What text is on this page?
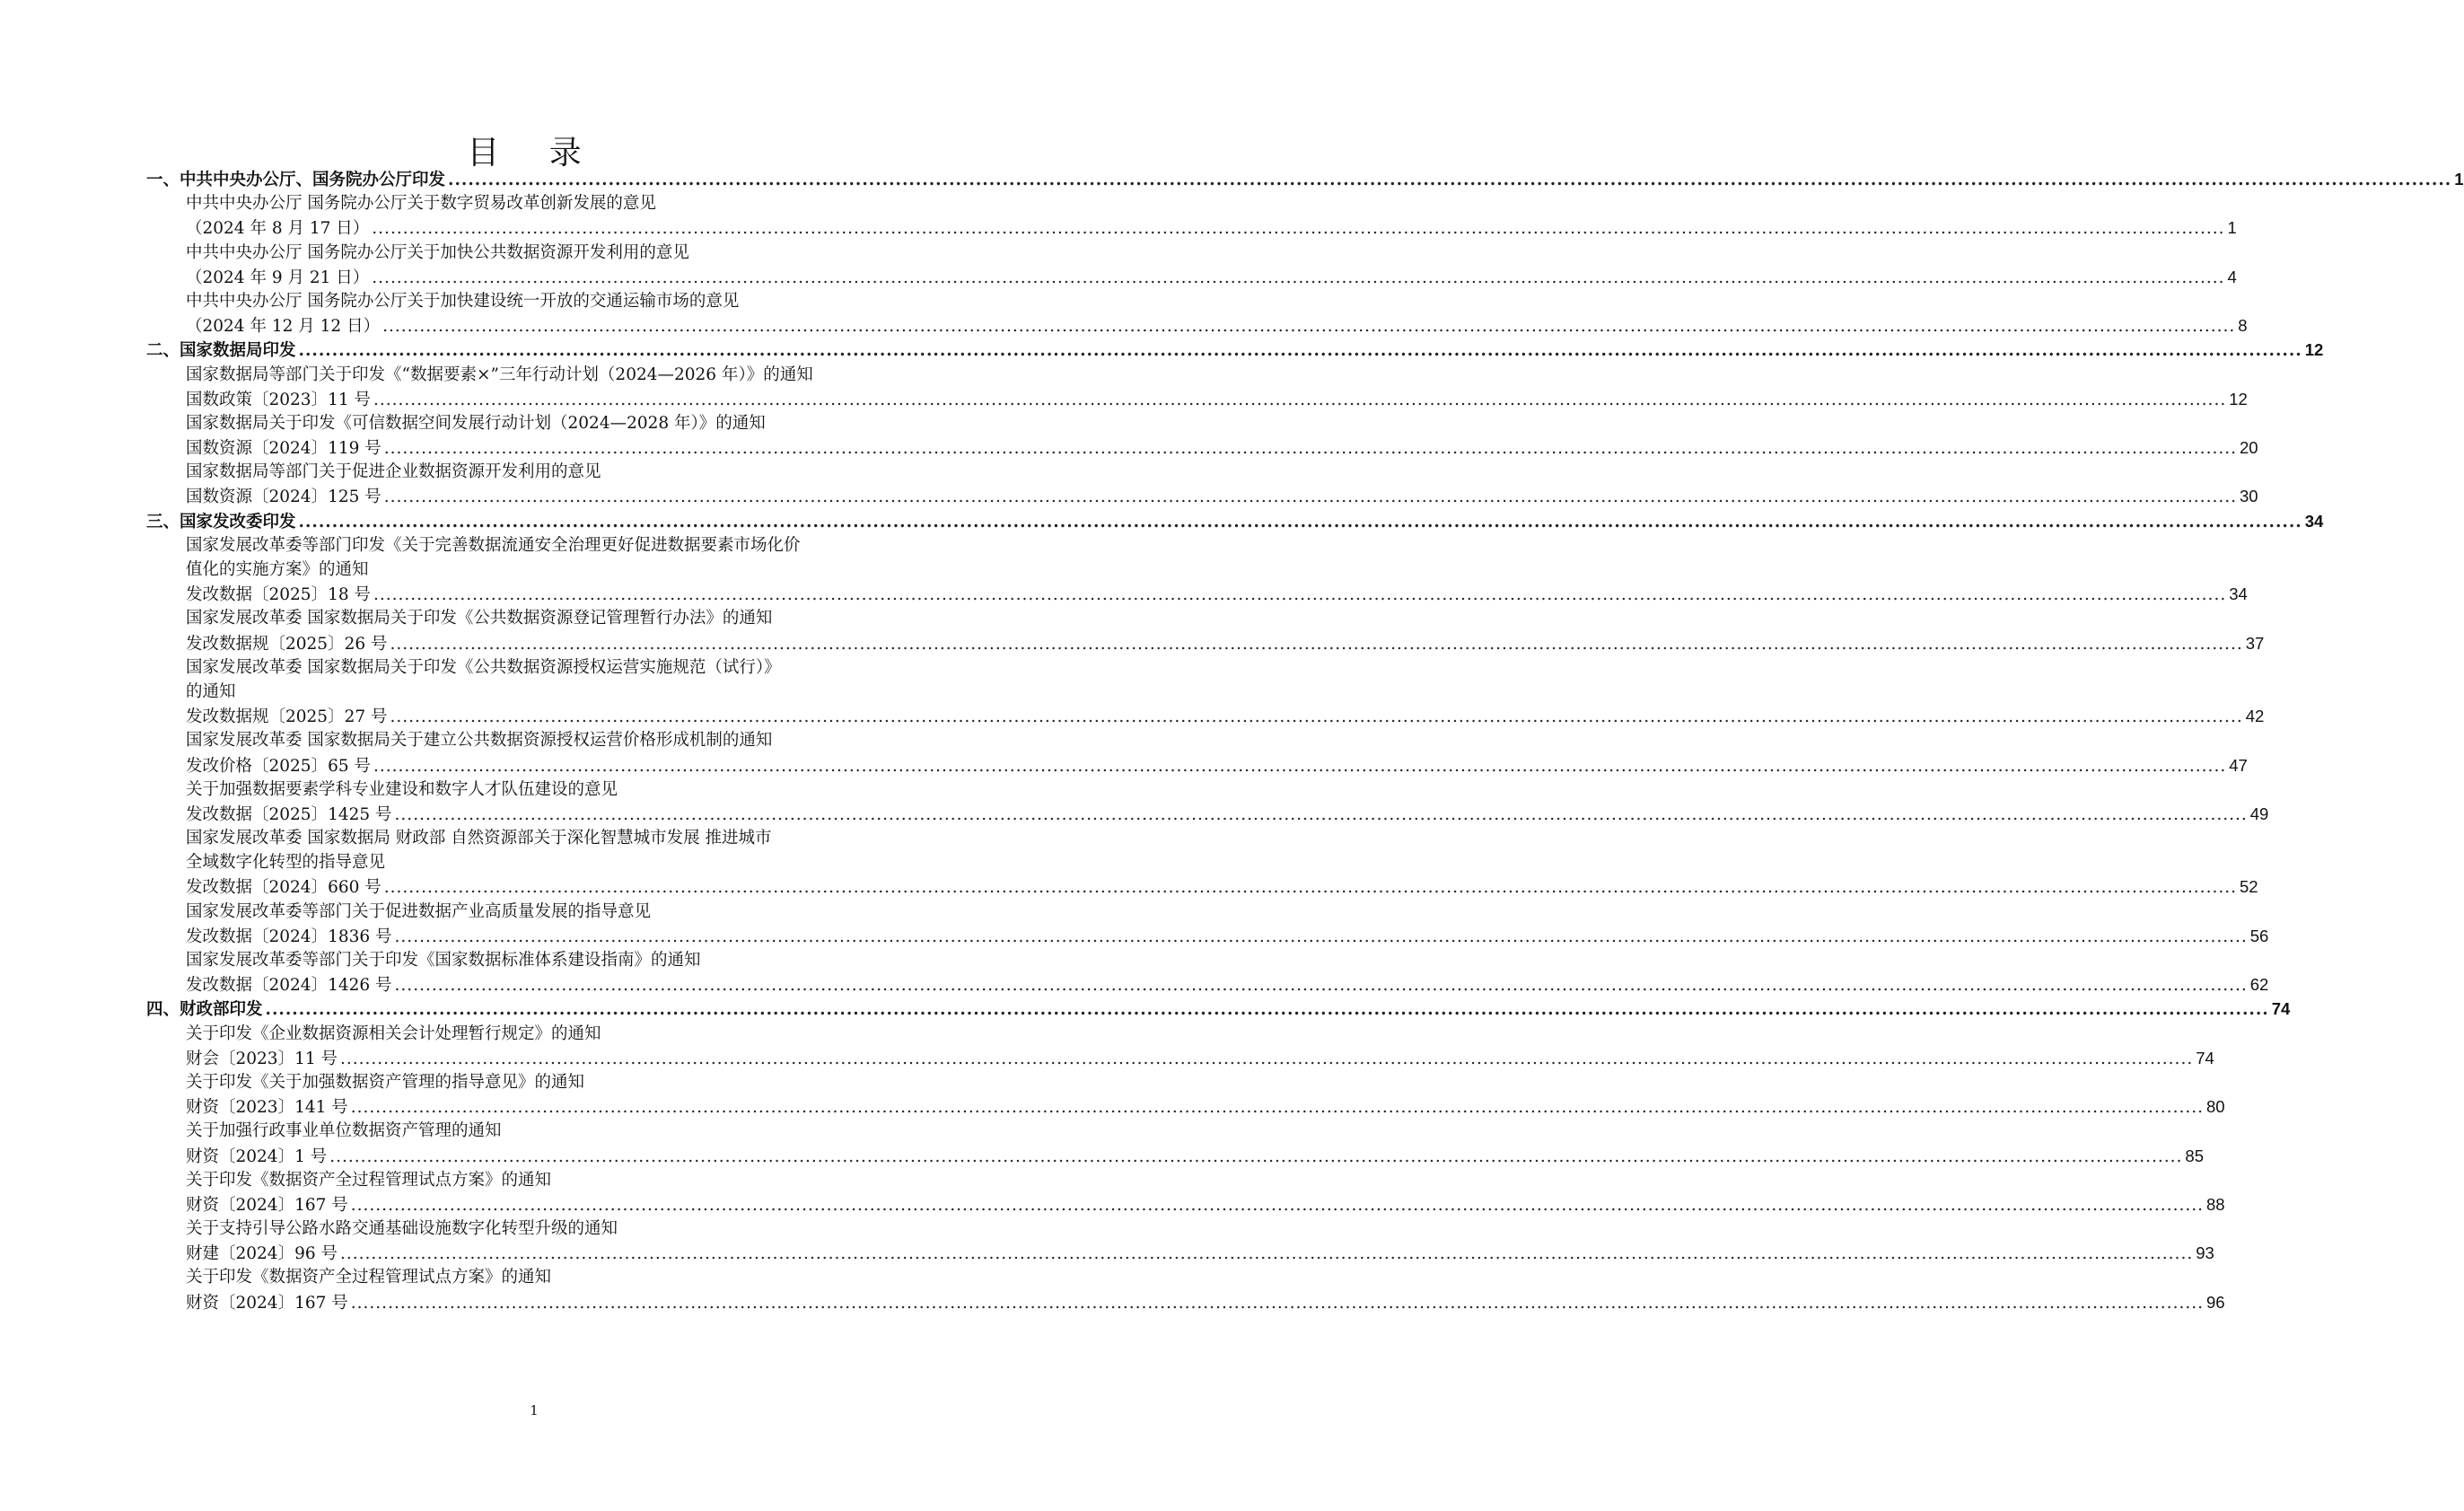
目 录
一、中共中央办公厅、国务院办公厅印发 ............................................................................................................................................................................................................................................................................................................ 1
中共中央办公厅 国务院办公厅关于数字贸易改革创新发展的意见
（2024 年 8 月 17 日） ............................................................................................................................................................................................................................................................................................................ 1
中共中央办公厅 国务院办公厅关于加快公共数据资源开发利用的意见
（2024 年 9 月 21 日） ............................................................................................................................................................................................................................................................................................................ 4
中共中央办公厅 国务院办公厅关于加快建设统一开放的交通运输市场的意见
（2024 年 12 月 12 日） ............................................................................................................................................................................................................................................................................................................ 8
二、国家数据局印发 ............................................................................................................................................................................................................................................................................................................ 12
国家数据局等部门关于印发《“数据要素×”三年行动计划（2024—2026 年）》的通知
国数政策〔2023〕11 号 ............................................................................................................................................................................................................................................................................................................ 12
国家数据局关于印发《可信数据空间发展行动计划（2024—2028 年）》的通知
国数资源〔2024〕119 号 ............................................................................................................................................................................................................................................................................................................ 20
国家数据局等部门关于促进企业数据资源开发利用的意见
国数资源〔2024〕125 号 ............................................................................................................................................................................................................................................................................................................ 30
三、国家发改委印发 ............................................................................................................................................................................................................................................................................................................ 34
国家发展改革委等部门印发《关于完善数据流通安全治理更好促进数据要素市场化价
值化的实施方案》的通知
发改数据〔2025〕18 号 ............................................................................................................................................................................................................................................................................................................ 34
国家发展改革委 国家数据局关于印发《公共数据资源登记管理暂行办法》的通知
发改数据规〔2025〕26 号 ............................................................................................................................................................................................................................................................................................................ 37
国家发展改革委 国家数据局关于印发《公共数据资源授权运营实施规范（试行）》
的通知
发改数据规〔2025〕27 号 ............................................................................................................................................................................................................................................................................................................ 42
国家发展改革委 国家数据局关于建立公共数据资源授权运营价格形成机制的通知
发改价格〔2025〕65 号 ............................................................................................................................................................................................................................................................................................................ 47
关于加强数据要素学科专业建设和数字人才队伍建设的意见
发改数据〔2025〕1425 号 ............................................................................................................................................................................................................................................................................................................ 49
国家发展改革委 国家数据局 财政部 自然资源部关于深化智慧城市发展 推进城市
全域数字化转型的指导意见
发改数据〔2024〕660 号 ............................................................................................................................................................................................................................................................................................................ 52
国家发展改革委等部门关于促进数据产业高质量发展的指导意见
发改数据〔2024〕1836 号 ............................................................................................................................................................................................................................................................................................................ 56
国家发展改革委等部门关于印发《国家数据标准体系建设指南》的通知
发改数据〔2024〕1426 号 ............................................................................................................................................................................................................................................................................................................ 62
四、财政部印发 ............................................................................................................................................................................................................................................................................................................ 74
关于印发《企业数据资源相关会计处理暂行规定》的通知
财会〔2023〕11 号 ............................................................................................................................................................................................................................................................................................................ 74
关于印发《关于加强数据资产管理的指导意见》的通知
财资〔2023〕141 号 ............................................................................................................................................................................................................................................................................................................ 80
关于加强行政事业单位数据资产管理的通知
财资〔2024〕1 号 ............................................................................................................................................................................................................................................................................................................ 85
关于印发《数据资产全过程管理试点方案》的通知
财资〔2024〕167 号 ............................................................................................................................................................................................................................................................................................................ 88
关于支持引导公路水路交通基础设施数字化转型升级的通知
财建〔2024〕96 号 ............................................................................................................................................................................................................................................................................................................ 93
关于印发《数据资产全过程管理试点方案》的通知
财资〔2024〕167 号 ............................................................................................................................................................................................................................................................................................................ 96
1
